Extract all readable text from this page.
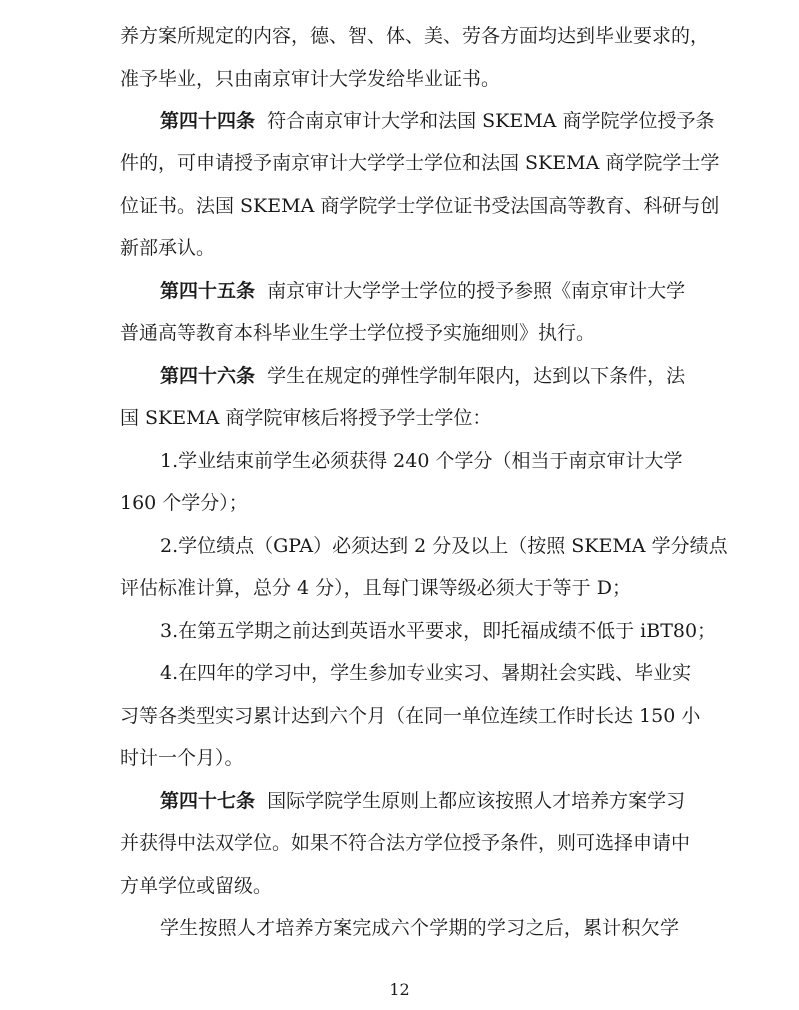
养方案所规定的内容，德、智、体、美、劳各方面均达到毕业要求的，
准予毕业，只由南京审计大学发给毕业证书。
第四十四条 符合南京审计大学和法国 SKEMA 商学院学位授予条
件的，可申请授予南京审计大学学士学位和法国 SKEMA 商学院学士学
位证书。法国 SKEMA 商学院学士学位证书受法国高等教育、科研与创
新部承认。
第四十五条 南京审计大学学士学位的授予参照《南京审计大学
普通高等教育本科毕业生学士学位授予实施细则》执行。
第四十六条 学生在规定的弹性学制年限内，达到以下条件，法
国 SKEMA 商学院审核后将授予学士学位：
1.学业结束前学生必须获得 240 个学分（相当于南京审计大学
160 个学分）；
2.学位绩点（GPA）必须达到 2 分及以上（按照 SKEMA 学分绩点
评估标准计算，总分 4 分），且每门课等级必须大于等于 D；
3.在第五学期之前达到英语水平要求，即托福成绩不低于 iBT80；
4.在四年的学习中，学生参加专业实习、暑期社会实践、毕业实
习等各类型实习累计达到六个月（在同一单位连续工作时长达 150 小
时计一个月）。
第四十七条 国际学院学生原则上都应该按照人才培养方案学习
并获得中法双学位。如果不符合法方学位授予条件，则可选择申请中
方单学位或留级。
学生按照人才培养方案完成六个学期的学习之后，累计积欠学
12
